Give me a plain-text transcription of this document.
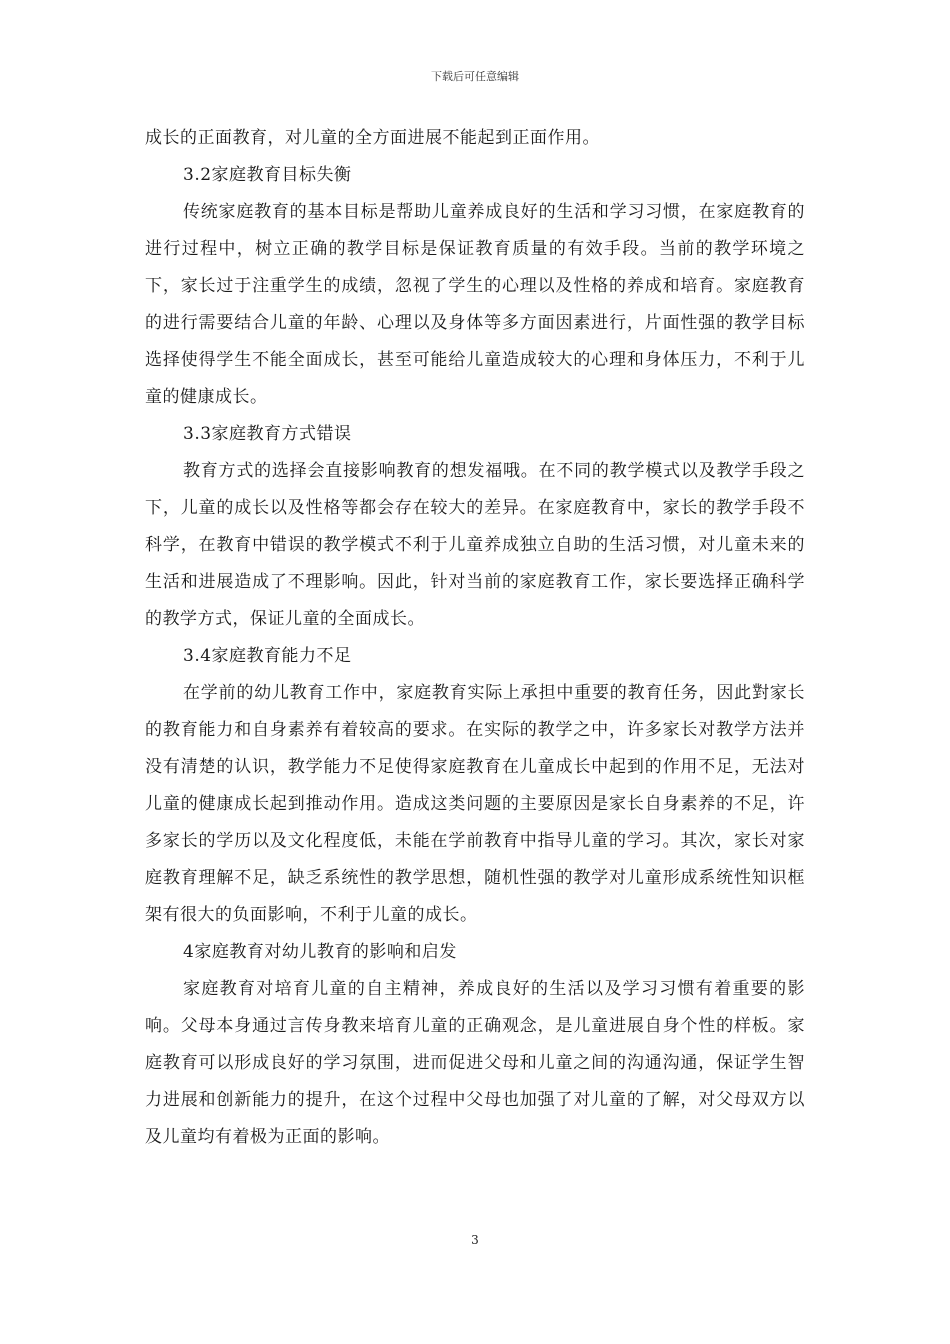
下载后可任意编辑

成长的正面教育，对儿童的全方面进展不能起到正面作用。

3.2家庭教育目标失衡

传统家庭教育的基本目标是帮助儿童养成良好的生活和学习习惯，在家庭教育的进行过程中，树立正确的教学目标是保证教育质量的有效手段。当前的教学环境之下，家长过于注重学生的成绩，忽视了学生的心理以及性格的养成和培育。家庭教育的进行需要结合儿童的年龄、心理以及身体等多方面因素进行，片面性强的教学目标选择使得学生不能全面成长，甚至可能给儿童造成较大的心理和身体压力，不利于儿童的健康成长。

3.3家庭教育方式错误

教育方式的选择会直接影响教育的想发福哦。在不同的教学模式以及教学手段之下，儿童的成长以及性格等都会存在较大的差异。在家庭教育中，家长的教学手段不科学，在教育中错误的教学模式不利于儿童养成独立自助的生活习惯，对儿童未来的生活和进展造成了不理影响。因此，针对当前的家庭教育工作，家长要选择正确科学的教学方式，保证儿童的全面成长。

3.4家庭教育能力不足

在学前的幼儿教育工作中，家庭教育实际上承担中重要的教育任务，因此對家长的教育能力和自身素养有着较高的要求。在实际的教学之中，许多家长对教学方法并没有清楚的认识，教学能力不足使得家庭教育在儿童成长中起到的作用不足，无法对儿童的健康成长起到推动作用。造成这类问题的主要原因是家长自身素养的不足，许多家长的学历以及文化程度低，未能在学前教育中指导儿童的学习。其次，家长对家庭教育理解不足，缺乏系统性的教学思想，随机性强的教学对儿童形成系统性知识框架有很大的负面影响，不利于儿童的成长。

4家庭教育对幼儿教育的影响和启发

家庭教育对培育儿童的自主精神，养成良好的生活以及学习习惯有着重要的影响。父母本身通过言传身教来培育儿童的正确观念，是儿童进展自身个性的样板。家庭教育可以形成良好的学习氛围，进而促进父母和儿童之间的沟通沟通，保证学生智力进展和创新能力的提升，在这个过程中父母也加强了对儿童的了解，对父母双方以及儿童均有着极为正面的影响。

3
